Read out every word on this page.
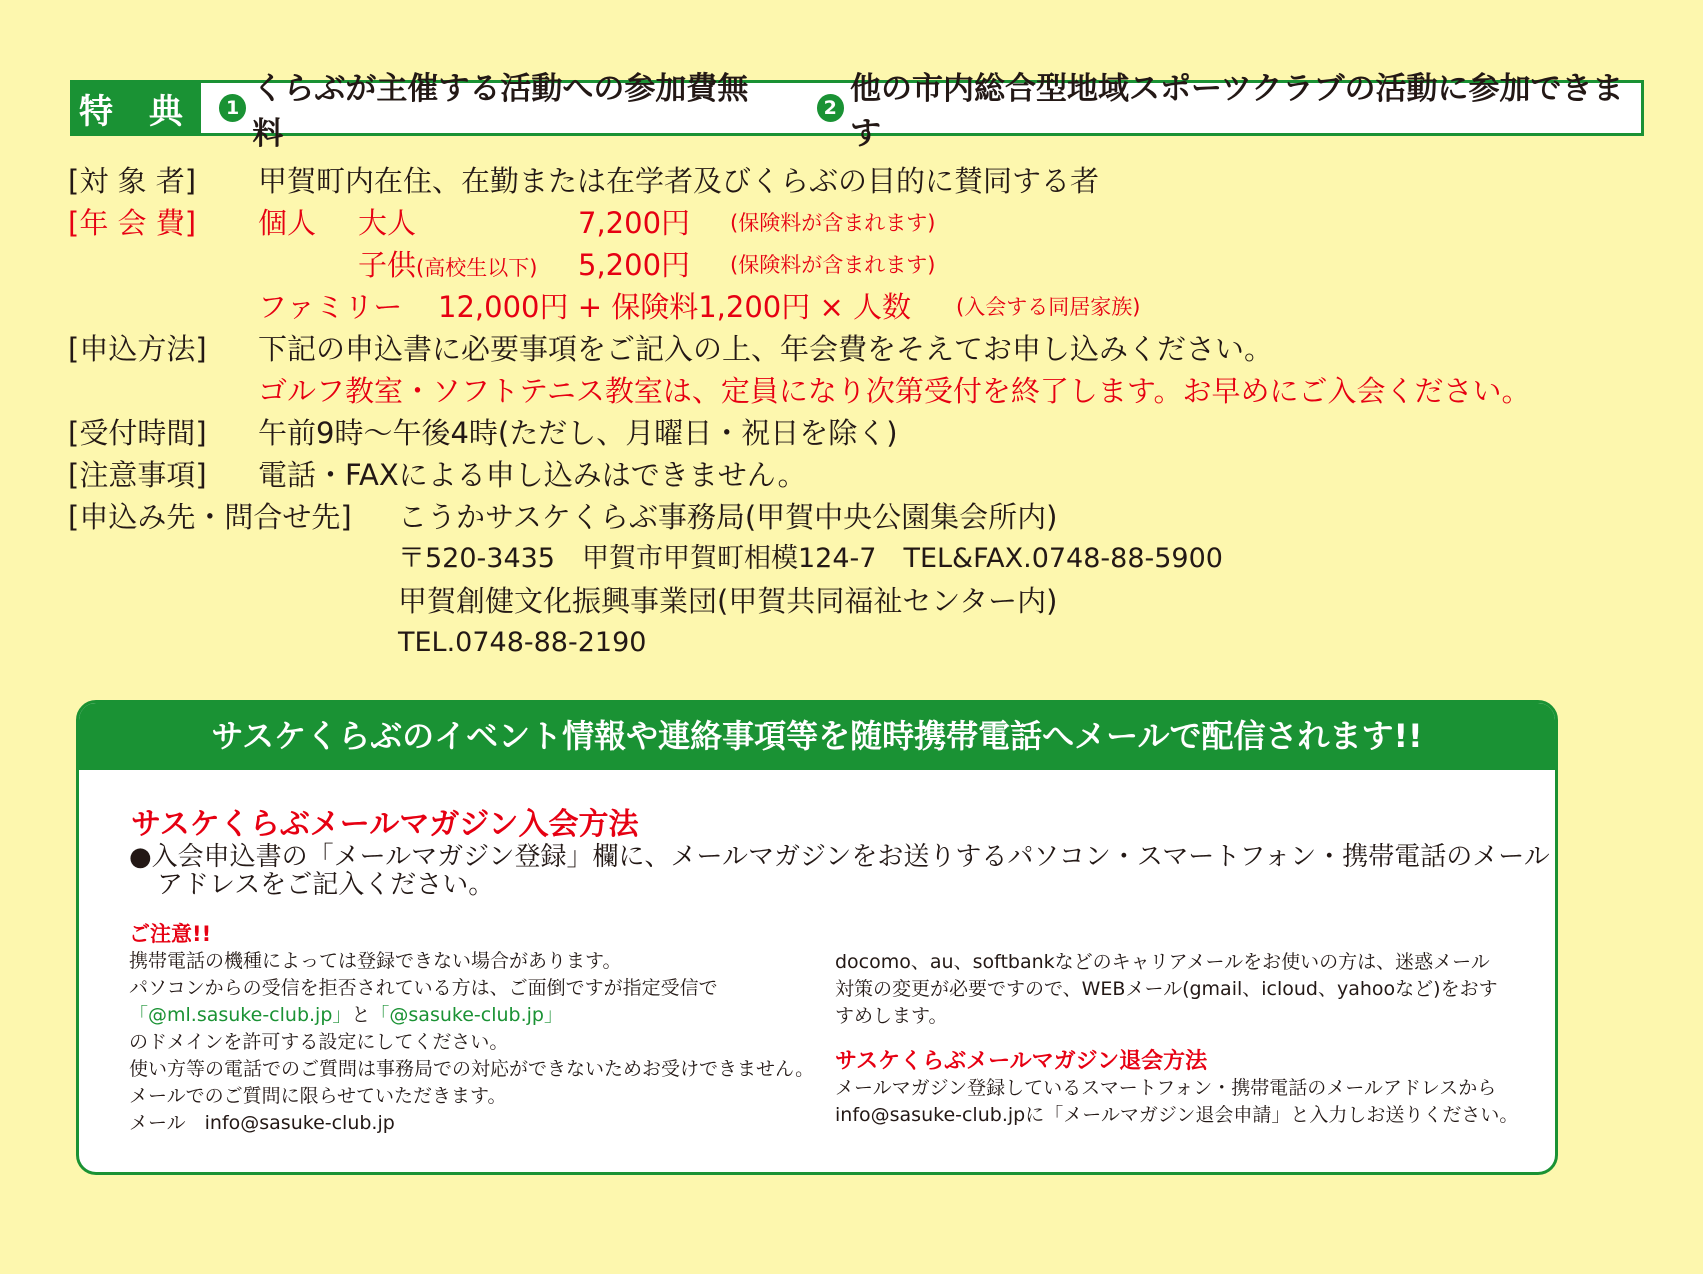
特 典	1
くらぶが主催する活動への参加費無料
2
他の市内総合型地域スポーツクラブの活動に参加できます
[対 象 者] 甲賀町内在住、在勤または在学者及びくらぶの目的に賛同する者
[年 会 費] 個人 大人	7,200円 (保険料が含まれます)
子供(高校生以下) 5,200円 (保険料が含まれます)
ファミリー 12,000円 + 保険料1,200円 × 人数 (入会する同居家族)
[申込方法] 下記の申込書に必要事項をご記入の上、年会費をそえてお申し込みください。
ゴルフ教室・ソフトテニス教室は、定員になり次第受付を終了します。お早めにご入会ください。
[受付時間] 午前9時～午後4時(ただし、月曜日・祝日を除く)
[注意事項] 電話・FAXによる申し込みはできません。
[申込み先・問合せ先] こうかサスケくらぶ事務局(甲賀中央公園集会所内)
〒520-3435　甲賀市甲賀町相模124-7　TEL&FAX.0748-88-5900
甲賀創健文化振興事業団(甲賀共同福祉センター内)
TEL.0748-88-2190
サスケくらぶのイベント情報や連絡事項等を随時携帯電話へメールで配信されます!!
サスケくらぶメールマガジン入会方法
●入会申込書の「メールマガジン登録」欄に、メールマガジンをお送りするパソコン・スマートフォン・携帯電話のメール
アドレスをご記入ください。
ご注意!!
携帯電話の機種によっては登録できない場合があります。
パソコンからの受信を拒否されている方は、ご面倒ですが指定受信で
「@ml.sasuke-club.jp」と「@sasuke-club.jp」
のドメインを許可する設定にしてください。
使い方等の電話でのご質問は事務局での対応ができないためお受けできません。
メールでのご質問に限らせていただきます。
メール　info@sasuke-club.jp
docomo、au、softbankなどのキャリアメールをお使いの方は、迷惑メール
対策の変更が必要ですので、WEBメール(gmail、icloud、yahooなど)をおす
すめします。
サスケくらぶメールマガジン退会方法
メールマガジン登録しているスマートフォン・携帯電話のメールアドレスから
info@sasuke-club.jpに「メールマガジン退会申請」と入力しお送りください。
